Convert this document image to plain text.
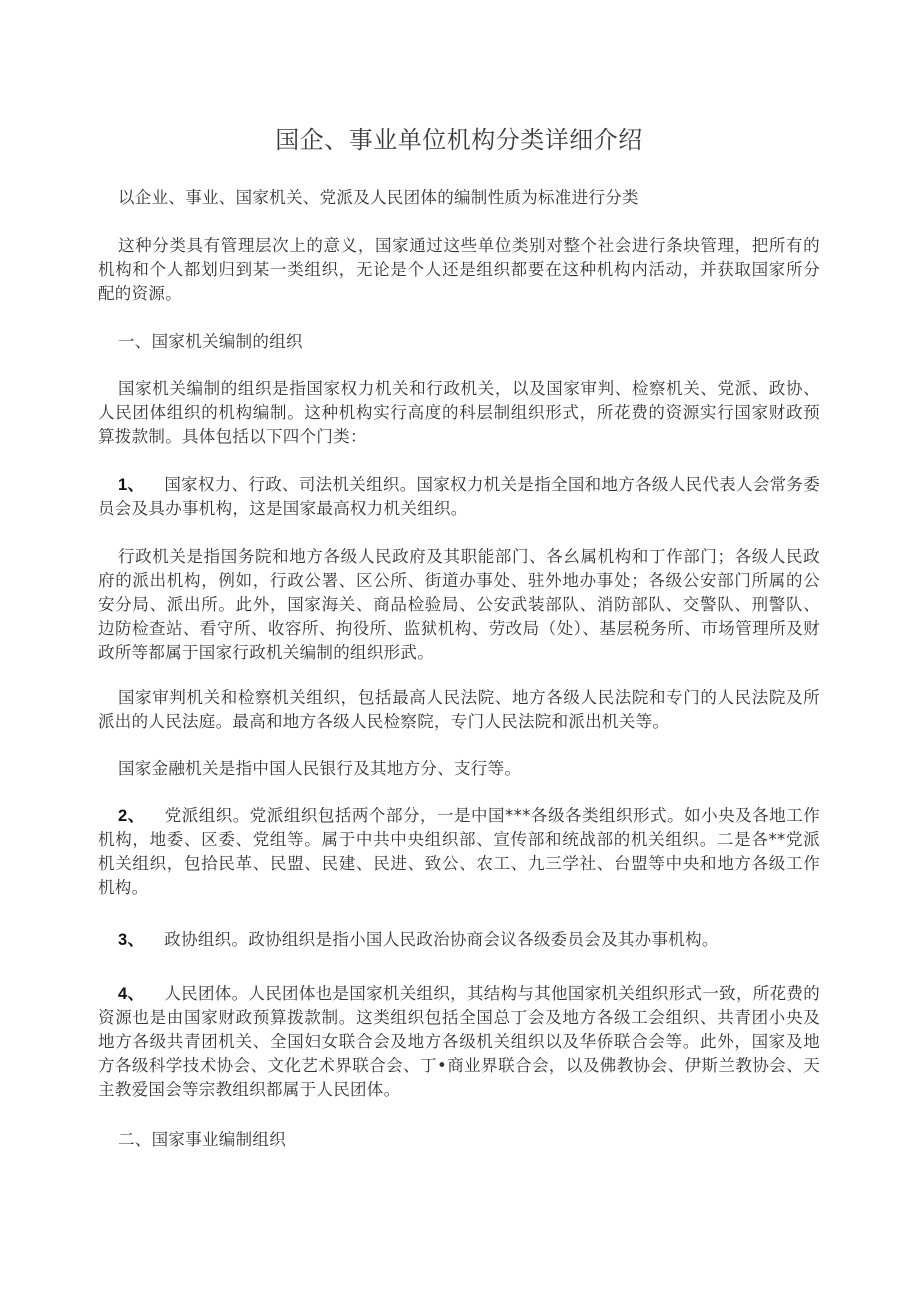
国企、事业单位机构分类详细介绍

以企业、事业、国家机关、党派及人民团体的编制性质为标准进行分类

这种分类具有管理层次上的意义，国家通过这些单位类别对整个社会进行条块管理，把所有的机构和个人都划归到某一类组织，无论是个人还是组织都要在这种机构内活动，并获取国家所分配的资源。

一、国家机关编制的组织

国家机关编制的组织是指国家权力机关和行政机关，以及国家审判、检察机关、党派、政协、人民团体组织的机构编制。这种机构实行高度的科层制组织形式，所花费的资源实行国家财政预算拨款制。具体包括以下四个门类：

1、 国家权力、行政、司法机关组织。国家权力机关是指全国和地方各级人民代表人会常务委员会及具办事机构，这是国家最高权力机关组织。

行政机关是指国务院和地方各级人民政府及其职能部门、各幺属机构和丁作部门；各级人民政府的派出机构，例如，行政公署、区公所、街道办事处、驻外地办事处；各级公安部门所属的公安分局、派出所。此外，国家海关、商品检验局、公安武装部队、消防部队、交警队、刑警队、边防检查站、看守所、收容所、拘役所、监狱机构、劳改局（处）、基层税务所、市场管理所及财政所等都属于国家行政机关编制的组织形武。

国家审判机关和检察机关组织，包括最高人民法院、地方各级人民法院和专门的人民法院及所派出的人民法庭。最高和地方各级人民检察院，专门人民法院和派出机关等。

国家金融机关是指中国人民银行及其地方分、支行等。

2、 党派组织。党派组织包括两个部分，一是中国***各级各类组织形式。如小央及各地工作机构，地委、区委、党组等。属于中共中央组织部、宣传部和统战部的机关组织。二是各**党派机关组织，包拾民革、民盟、民建、民进、致公、农工、九三学社、台盟等中央和地方各级工作机构。

3、 政协组织。政协组织是指小国人民政治协商会议各级委员会及其办事机构。

4、 人民团体。人民团体也是国家机关组织，其结构与其他国家机关组织形式一致，所花费的资源也是由国家财政预算拨款制。这类组织包括全国总丁会及地方各级工会组织、共青团小央及地方各级共青团机关、全国妇女联合会及地方各级机关组织以及华侨联合会等。此外，国家及地方各级科学技术协会、文化艺术界联合会、丁•商业界联合会，以及佛教协会、伊斯兰教协会、天主教爱国会等宗教组织都属于人民团体。

二、国家事业编制组织
